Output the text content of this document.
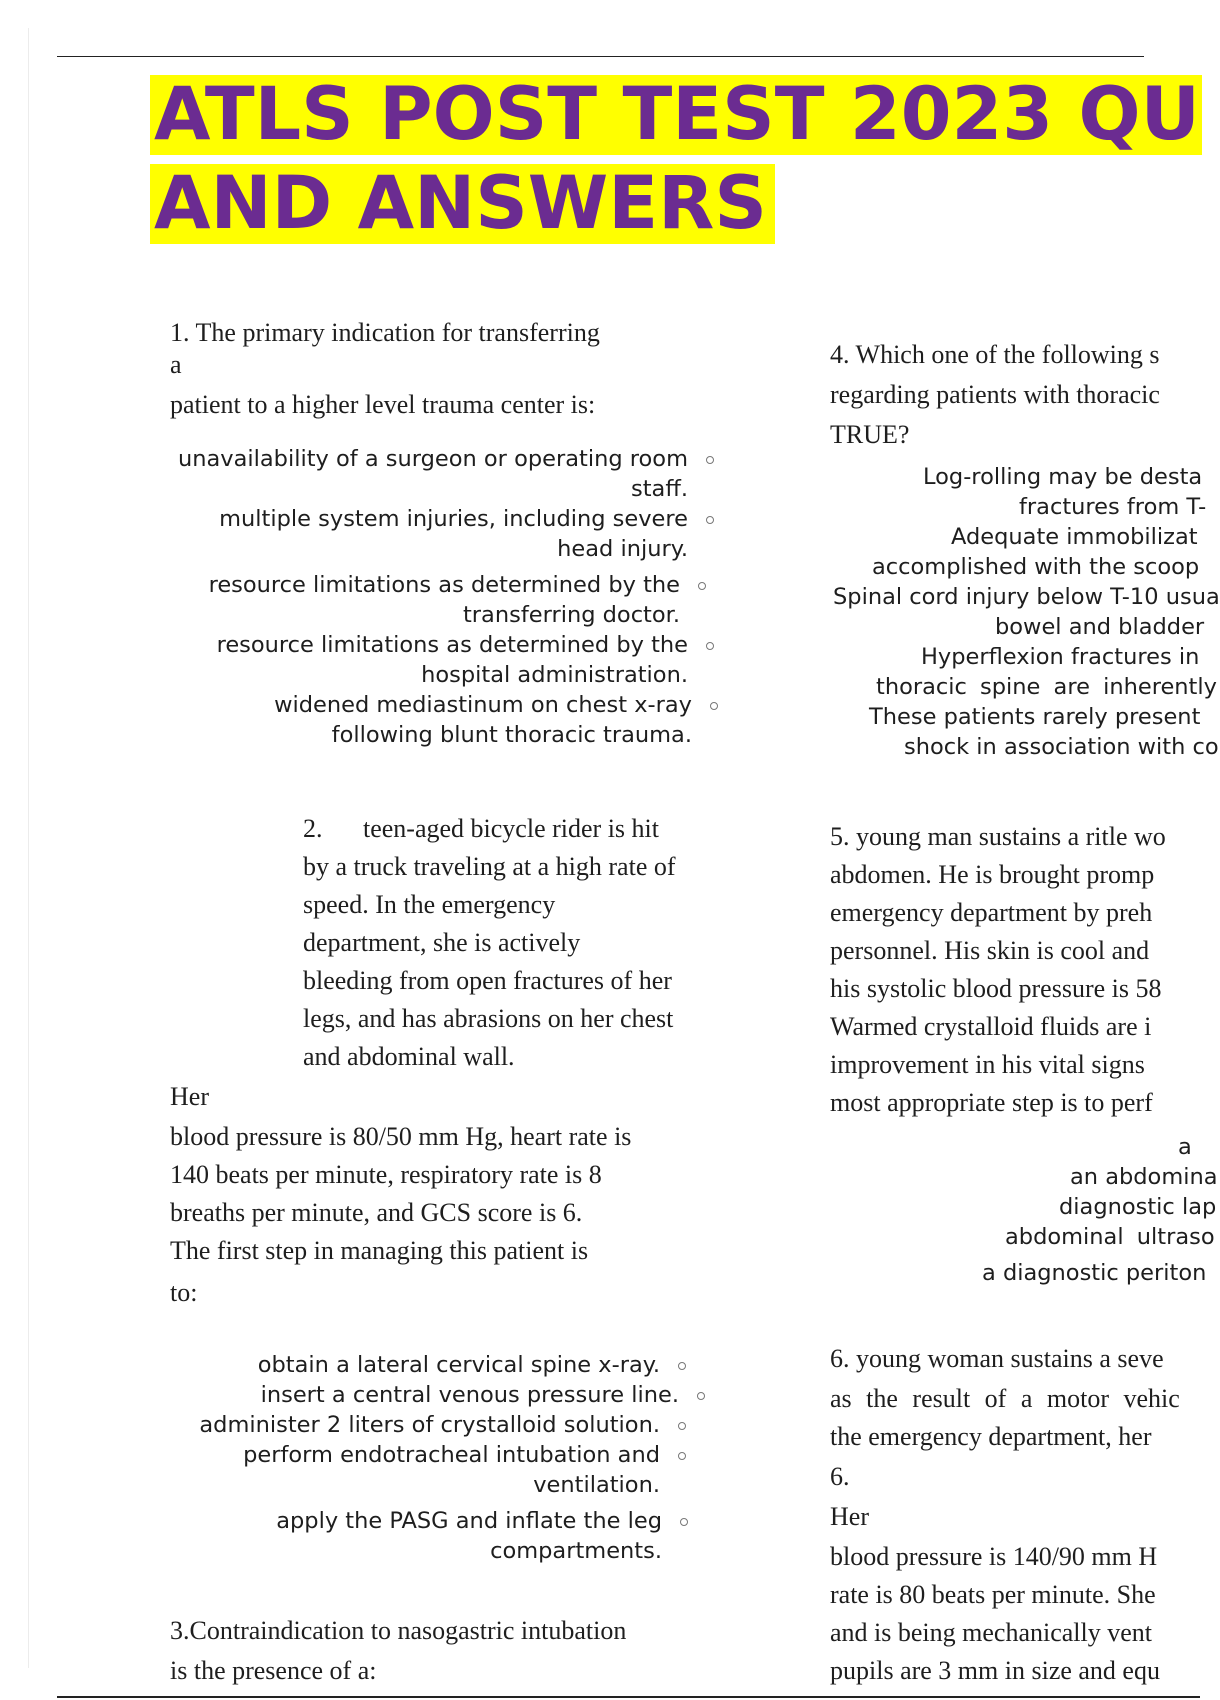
ATLS POST TEST 2023 QU
AND ANSWERS
1. The primary indication for transferring
a
patient to a higher level trauma center is:
unavailability of a surgeon or operating room
staff.
multiple system injuries, including severe
head injury.
resource limitations as determined by the
transferring doctor.
resource limitations as determined by the
hospital administration.
widened mediastinum on chest x-ray
following blunt thoracic trauma.
2. teen-aged bicycle rider is hit
by a truck traveling at a high rate of
speed. In the emergency
department, she is actively
bleeding from open fractures of her
legs, and has abrasions on her chest
and abdominal wall.
Her
blood pressure is 80/50 mm Hg, heart rate is
140 beats per minute, respiratory rate is 8
breaths per minute, and GCS score is 6.
The first step in managing this patient is
to:
obtain a lateral cervical spine x-ray.
insert a central venous pressure line.
administer 2 liters of crystalloid solution.
perform endotracheal intubation and
ventilation.
apply the PASG and inflate the leg
compartments.
3.Contraindication to nasogastric intubation
is the presence of a:
4. Which one of the following s
regarding patients with thoracic
TRUE?
Log-rolling may be desta
fractures from T-
Adequate immobilizat
accomplished with the scoop
Spinal cord injury below T-10 usua
bowel and bladder
Hyperflexion fractures in
thoracic spine are inherently
These patients rarely present
shock in association with co
5. young man sustains a ritle wo
abdomen. He is brought promp
emergency department by preh
personnel. His skin is cool and
his systolic blood pressure is 58
Warmed crystalloid fluids are i
improvement in his vital signs
most appropriate step is to perf
a
an abdomina
diagnostic lap
abdominal ultraso
a diagnostic periton
6. young woman sustains a seve
as the result of a motor vehic
the emergency department, her
6.
Her
blood pressure is 140/90 mm H
rate is 80 beats per minute. She
and is being mechanically vent
pupils are 3 mm in size and equ
